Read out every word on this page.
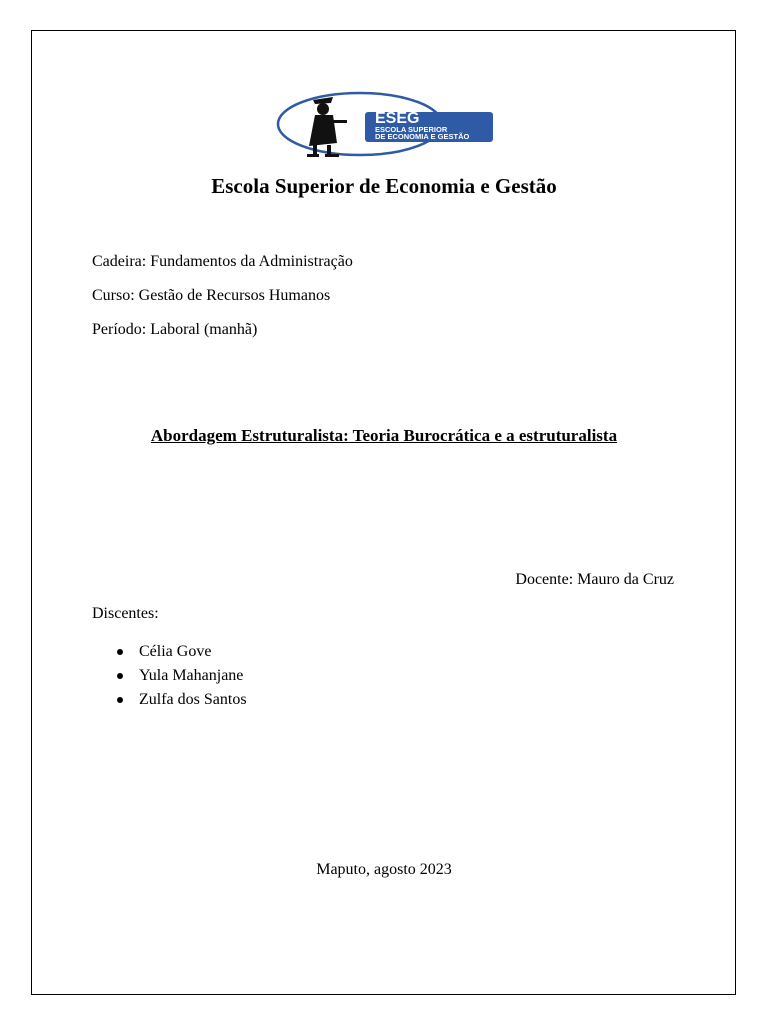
ESEG
ESCOLA SUPERIOR
DE ECONOMIA E GESTÃO
Escola Superior de Economia e Gestão
Cadeira: Fundamentos da Administração
Curso: Gestão de Recursos Humanos
Período: Laboral (manhã)
Abordagem Estruturalista: Teoria Burocrática e a estruturalista
Docente: Mauro da Cruz
Discentes:
Célia Gove
Yula Mahanjane
Zulfa dos Santos
Maputo, agosto 2023
